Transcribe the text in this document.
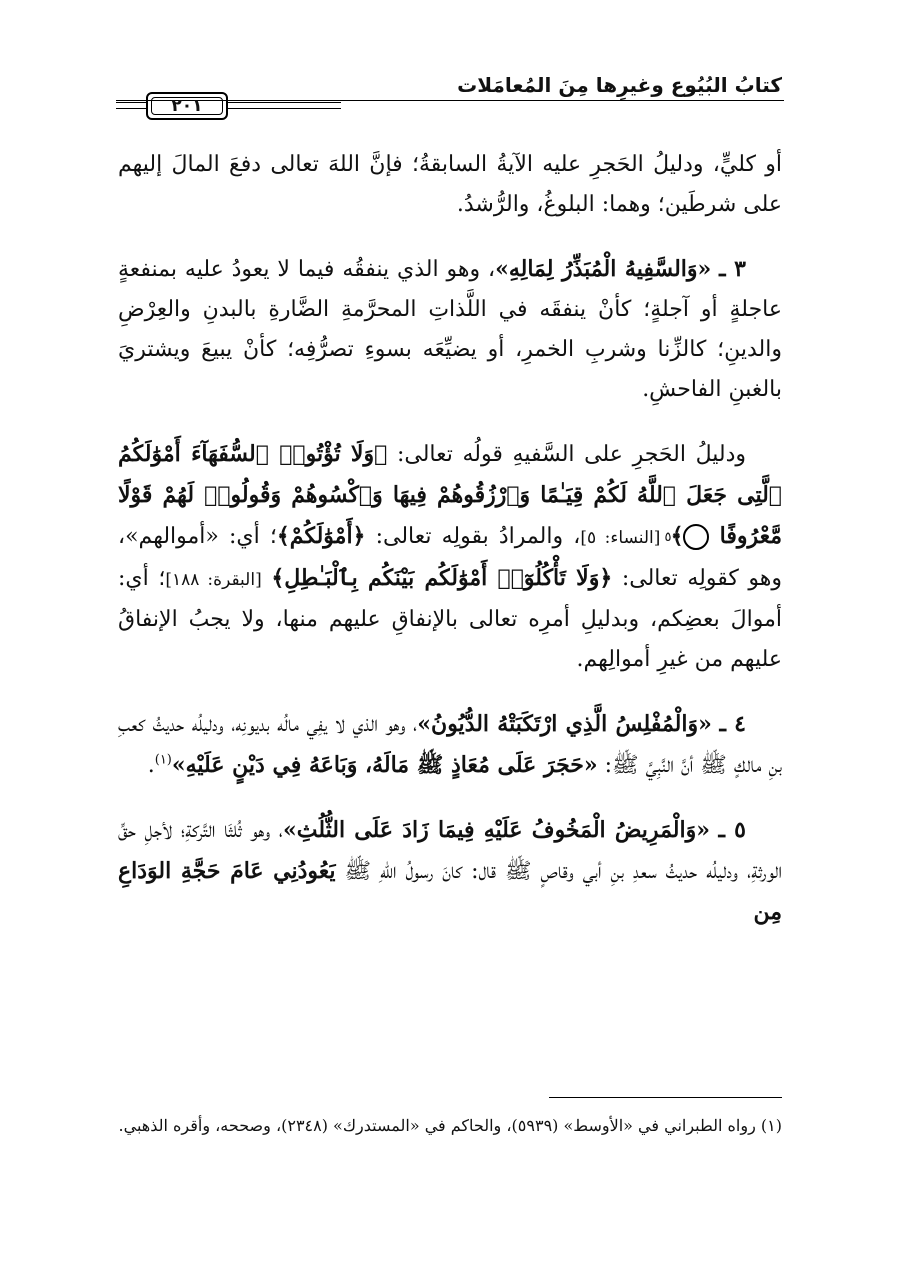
كتابُ البُيُوع وغيرِها مِنَ المُعامَلات
٢٠١

أو كليٍّ، ودليلُ الحَجرِ عليه الآيةُ السابقةُ؛ فإنَّ اللهَ تعالى دفعَ المالَ إليهم على شرطَين؛ وهما: البلوغُ، والرُّشدُ.

٣ ـ «وَالسَّفِيهُ الْمُبَذِّرُ لِمَالِهِ»، وهو الذي ينفقُه فيما لا يعودُ عليه بمنفعةٍ عاجلةٍ أو آجلةٍ؛ كأنْ ينفقَه في اللَّذاتِ المحرَّمةِ الضَّارةِ بالبدنِ والعِرْضِ والدينِ؛ كالزِّنا وشربِ الخمرِ، أو يضيِّعَه بسوءِ تصرُّفِه؛ كأنْ يبيعَ ويشتريَ بالغبنِ الفاحشِ.

ودليلُ الحَجرِ على السَّفيهِ قولُه تعالى: ﴿وَلَا تُؤْتُوا۟ ٱلسُّفَهَآءَ أَمْوَٰلَكُمُ ٱلَّتِى جَعَلَ ٱللَّهُ لَكُمْ قِيَـٰمًا وَٱرْزُقُوهُمْ فِيهَا وَٱكْسُوهُمْ وَقُولُوا۟ لَهُمْ قَوْلًا مَّعْرُوفًا ٥﴾ [النساء: ٥]، والمرادُ بقولِه تعالى: ﴿أَمْوَٰلَكُمْ﴾؛ أي: «أموالهم»، وهو كقولِه تعالى: ﴿وَلَا تَأْكُلُوٓا۟ أَمْوَٰلَكُم بَيْنَكُم بِٱلْبَـٰطِلِ﴾ [البقرة: ١٨٨]؛ أي: أموالَ بعضِكم، وبدليلِ أمرِه تعالى بالإنفاقِ عليهم منها، ولا يجبُ الإنفاقُ عليهم من غيرِ أموالِهم.

٤ ـ «وَالْمُفْلِسُ الَّذِي ارْتَكَبَتْهُ الدُّيُونُ»، وهو الذي لا يفِي مالُه بديونِه، ودليلُه حديثُ كعبِ بنِ مالكٍ ﷺ أنَّ النَّبِيَّ ﷺ: «حَجَرَ عَلَى مُعَاذٍ ﷺ مَالَهُ، وَبَاعَهُ فِي دَيْنٍ عَلَيْهِ»$^{(١)}$.

٥ ـ «وَالْمَرِيضُ الْمَخُوفُ عَلَيْهِ فِيمَا زَادَ عَلَى الثُّلُثِ»، وهو ثُلثَا التَّركةِ؛ لأجلِ حقِّ الورثةِ، ودليلُه حديثُ سعدِ بنِ أبي وقاصٍ ﷺ قال: كانَ رسولُ اللهِ ﷺ يَعُودُنِي عَامَ حَجَّةِ الوَدَاعِ مِن

(١) رواه الطبراني في «الأوسط» (٥٩٣٩)، والحاكم في «المستدرك» (٢٣٤٨)، وصححه، وأقره الذهبي.
